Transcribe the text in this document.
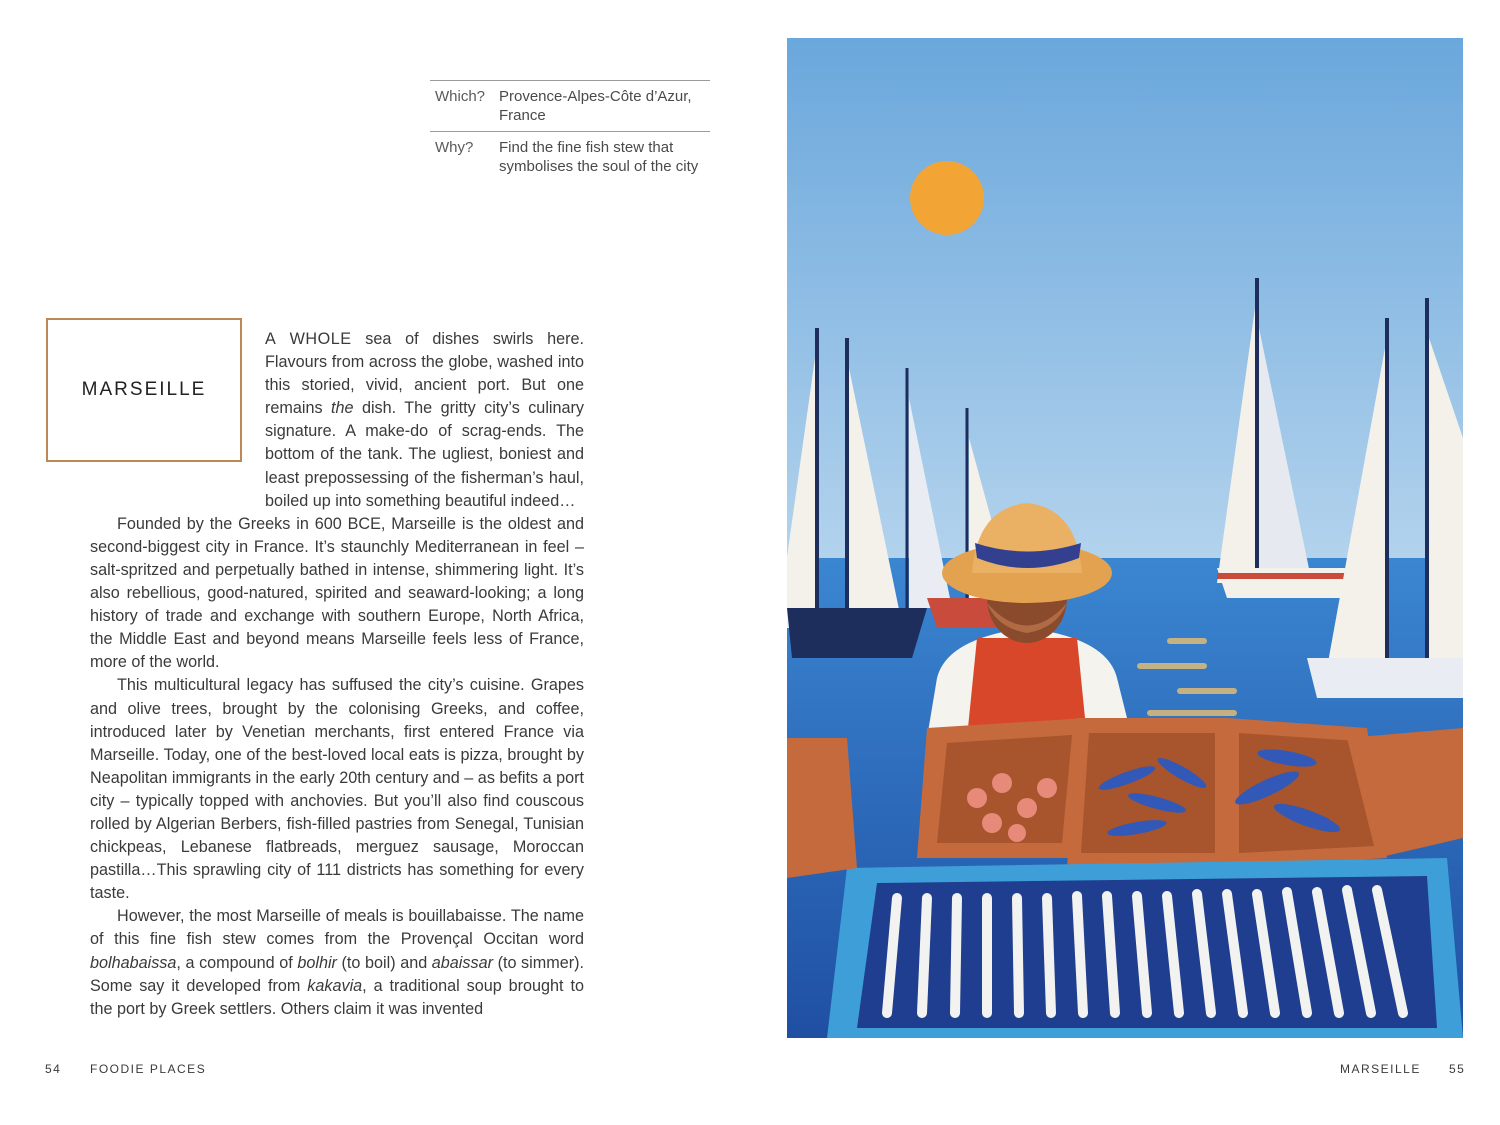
Which? Provence-Alpes-Côte d’Azur, France
Why?	Find the fine fish stew that symbolises the soul of the city
MARSEILLE

A WHOLE sea of dishes swirls here. Flavours from across the globe, washed into this storied, vivid, ancient port. But one remains the dish. The gritty city’s culinary signature. A make-do of scrag-ends. The bottom of the tank. The ugliest, boniest and least prepossessing of the fisherman’s haul, boiled up into something beautiful indeed…

Founded by the Greeks in 600 BCE, Marseille is the oldest and second-biggest city in France. It’s staunchly Mediterranean in feel – salt-spritzed and perpetually bathed in intense, shimmering light. It’s also rebellious, good-natured, spirited and seaward-looking; a long history of trade and exchange with southern Europe, North Africa, the Middle East and beyond means Marseille feels less of France, more of the world.

This multicultural legacy has suffused the city’s cuisine. Grapes and olive trees, brought by the colonising Greeks, and coffee, introduced later by Venetian merchants, first entered France via Marseille. Today, one of the best-loved local eats is pizza, brought by Neapolitan immigrants in the early 20th century and – as befits a port city – typically topped with anchovies. But you’ll also find couscous rolled by Algerian Berbers, fish-filled pastries from Senegal, Tunisian chickpeas, Lebanese flatbreads, merguez sausage, Moroccan pastilla…This sprawling city of 111 districts has something for every taste.

However, the most Marseille of meals is bouillabaisse. The name of this fine fish stew comes from the Provençal Occitan word bolhabaissa, a compound of bolhir (to boil) and abaissar (to simmer). Some say it developed from kakavia, a traditional soup brought to the port by Greek settlers. Others claim it was invented

54 FOODIE PLACES	MARSEILLE 55
